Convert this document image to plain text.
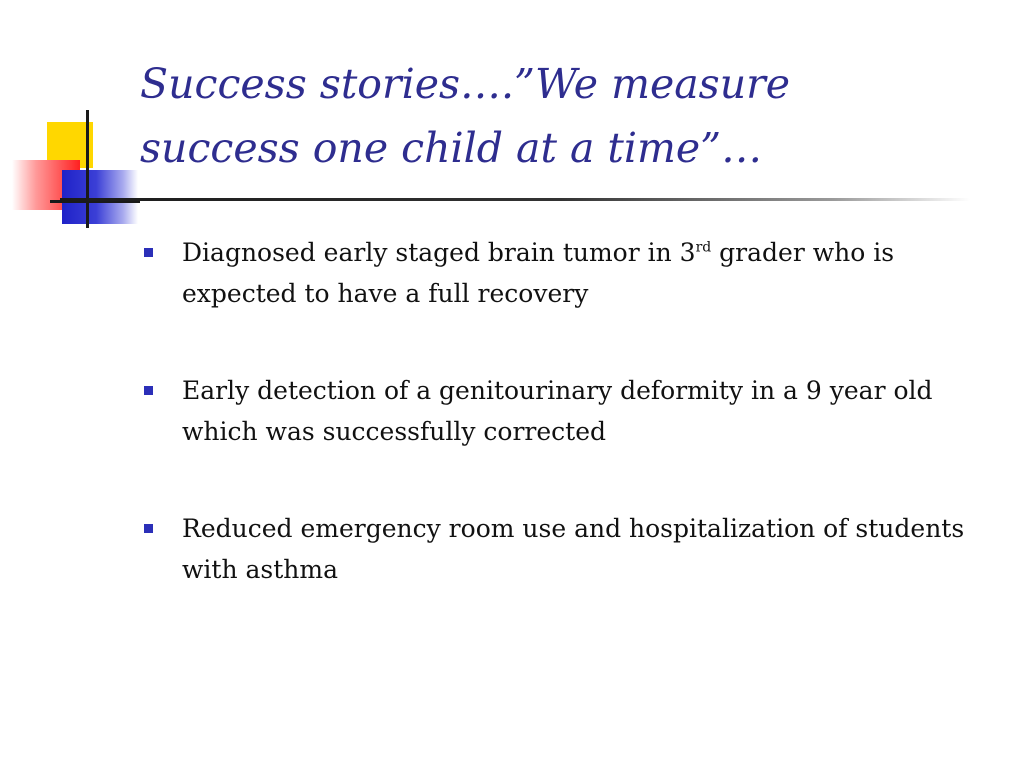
Success stories….”We measure
success one child at a time”…
Diagnosed early staged brain tumor in 3rd grader who is expected to have a full recovery
Early detection of a genitourinary deformity in a 9 year old which was successfully corrected
Reduced emergency room use and hospitalization of students with asthma
